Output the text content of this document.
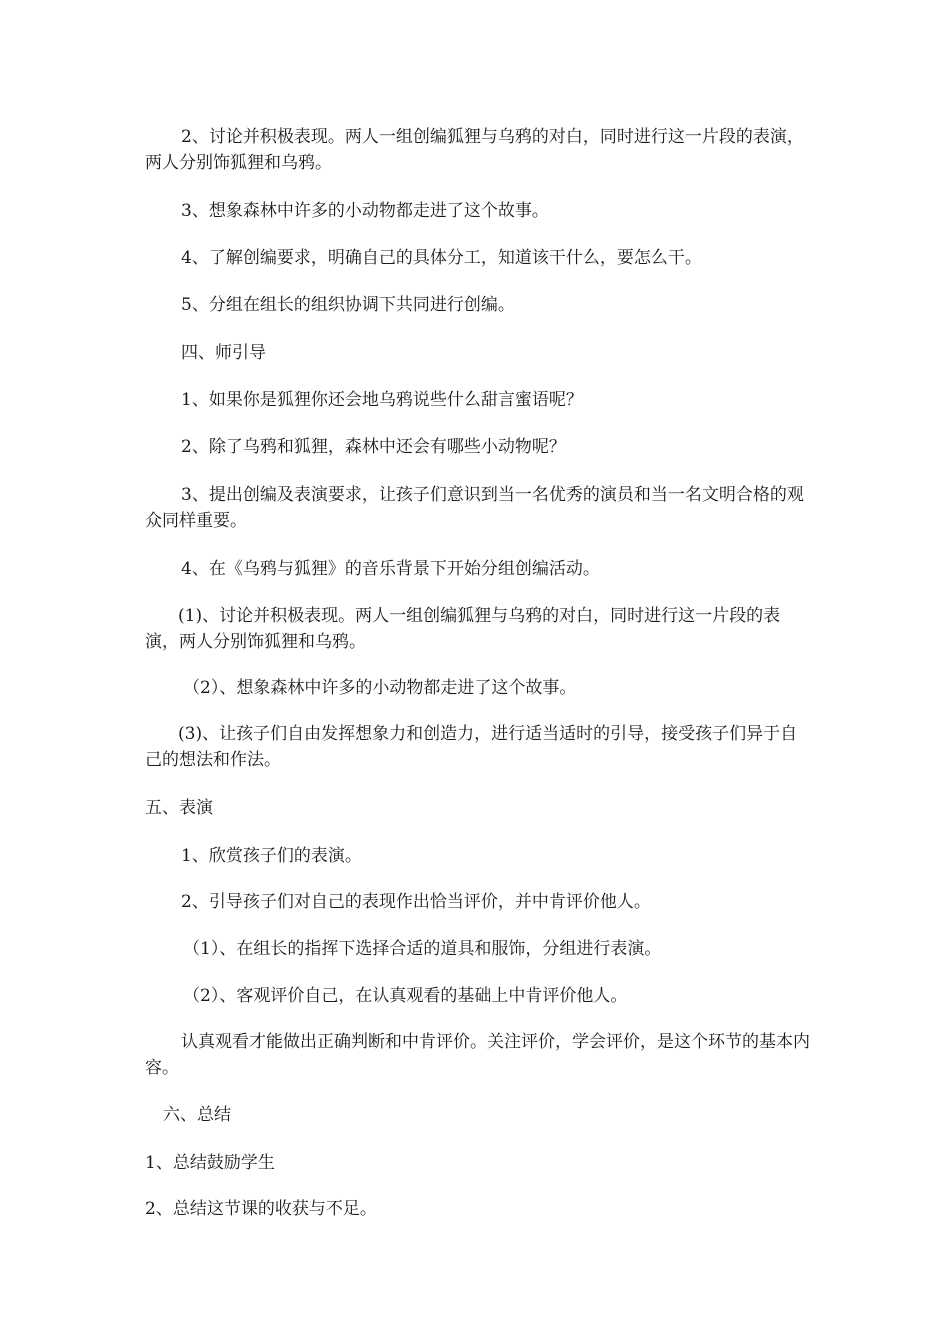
2、讨论并积极表现。两人一组创编狐狸与乌鸦的对白，同时进行这一片段的表演，两人分别饰狐狸和乌鸦。

3、想象森林中许多的小动物都走进了这个故事。

4、了解创编要求，明确自己的具体分工，知道该干什么，要怎么干。

5、分组在组长的组织协调下共同进行创编。

四、师引导

1、如果你是狐狸你还会地乌鸦说些什么甜言蜜语呢？

2、除了乌鸦和狐狸，森林中还会有哪些小动物呢？

3、提出创编及表演要求，让孩子们意识到当一名优秀的演员和当一名文明合格的观众同样重要。

4、在《乌鸦与狐狸》的音乐背景下开始分组创编活动。

(1)、讨论并积极表现。两人一组创编狐狸与乌鸦的对白，同时进行这一片段的表演，两人分别饰狐狸和乌鸦。

（2）、想象森林中许多的小动物都走进了这个故事。

(3)、让孩子们自由发挥想象力和创造力，进行适当适时的引导，接受孩子们异于自己的想法和作法。

五、表演

1、欣赏孩子们的表演。

2、引导孩子们对自己的表现作出恰当评价，并中肯评价他人。

（1）、在组长的指挥下选择合适的道具和服饰，分组进行表演。

（2）、客观评价自己，在认真观看的基础上中肯评价他人。

认真观看才能做出正确判断和中肯评价。关注评价，学会评价，是这个环节的基本内容。

六、总结

1、总结鼓励学生

2、总结这节课的收获与不足。
